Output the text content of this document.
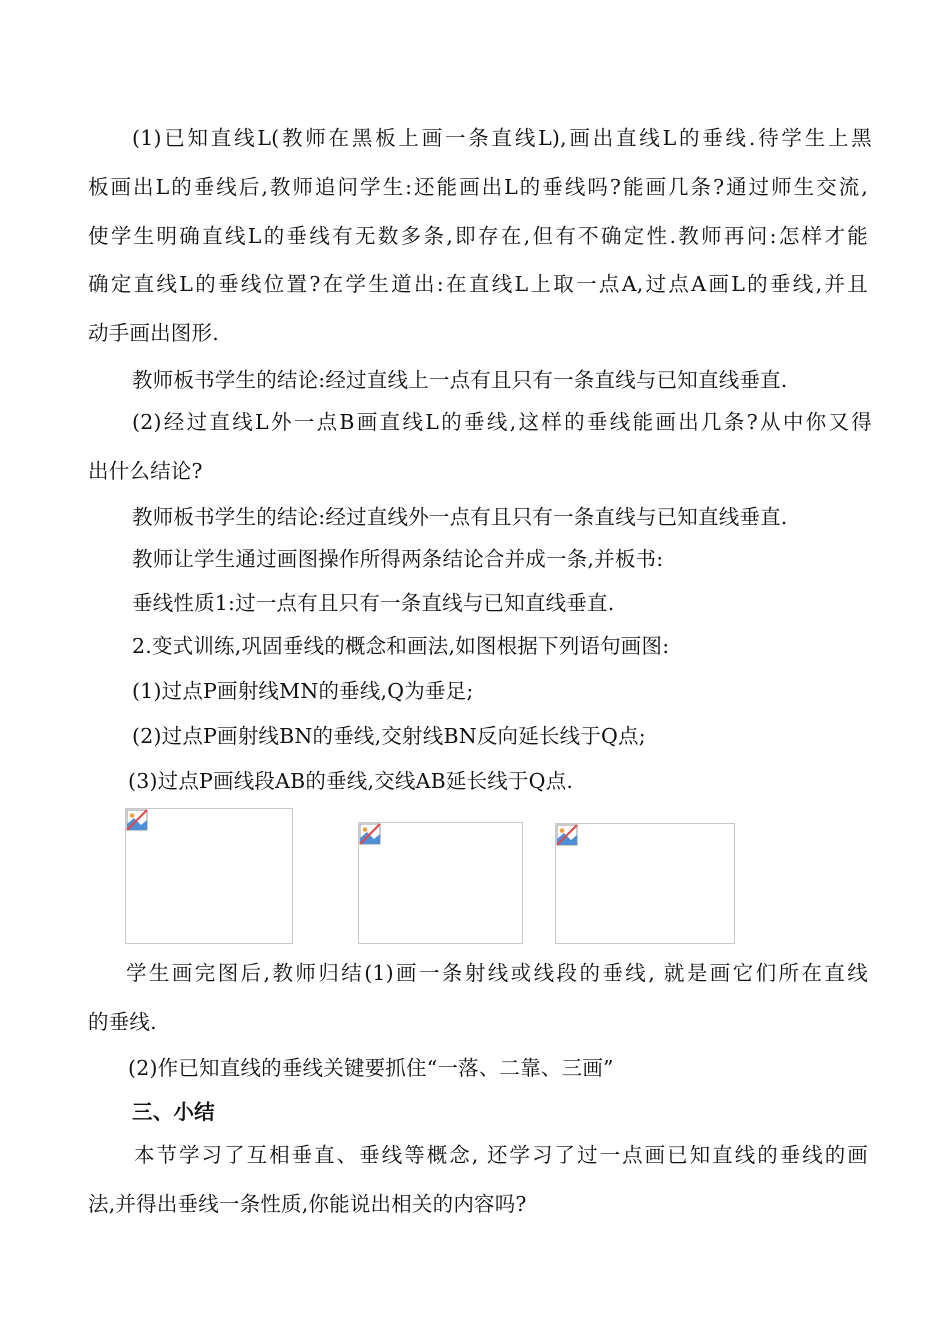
(1)已知直线L(教师在黑板上画一条直线L),画出直线L的垂线.待学生上黑
板画出L的垂线后,教师追问学生:还能画出L的垂线吗?能画几条?通过师生交流,
使学生明确直线L的垂线有无数多条,即存在,但有不确定性.教师再问:怎样才能
确定直线L的垂线位置?在学生道出:在直线L上取一点A,过点A画L的垂线,并且
动手画出图形.
教师板书学生的结论:经过直线上一点有且只有一条直线与已知直线垂直.
(2)经过直线L外一点B画直线L的垂线,这样的垂线能画出几条?从中你又得
出什么结论?
教师板书学生的结论:经过直线外一点有且只有一条直线与已知直线垂直.
教师让学生通过画图操作所得两条结论合并成一条,并板书:
垂线性质1:过一点有且只有一条直线与已知直线垂直.
2.变式训练,巩固垂线的概念和画法,如图根据下列语句画图:
(1)过点P画射线MN的垂线,Q为垂足;
(2)过点P画射线BN的垂线,交射线BN反向延长线于Q点;
(3)过点P画线段AB的垂线,交线AB延长线于Q点.
学生画完图后,教师归结(1)画一条射线或线段的垂线, 就是画它们所在直线
的垂线.
(2)作已知直线的垂线关键要抓住“一落、二靠、三画”
三、小结
本节学习了互相垂直、垂线等概念, 还学习了过一点画已知直线的垂线的画
法,并得出垂线一条性质,你能说出相关的内容吗?
